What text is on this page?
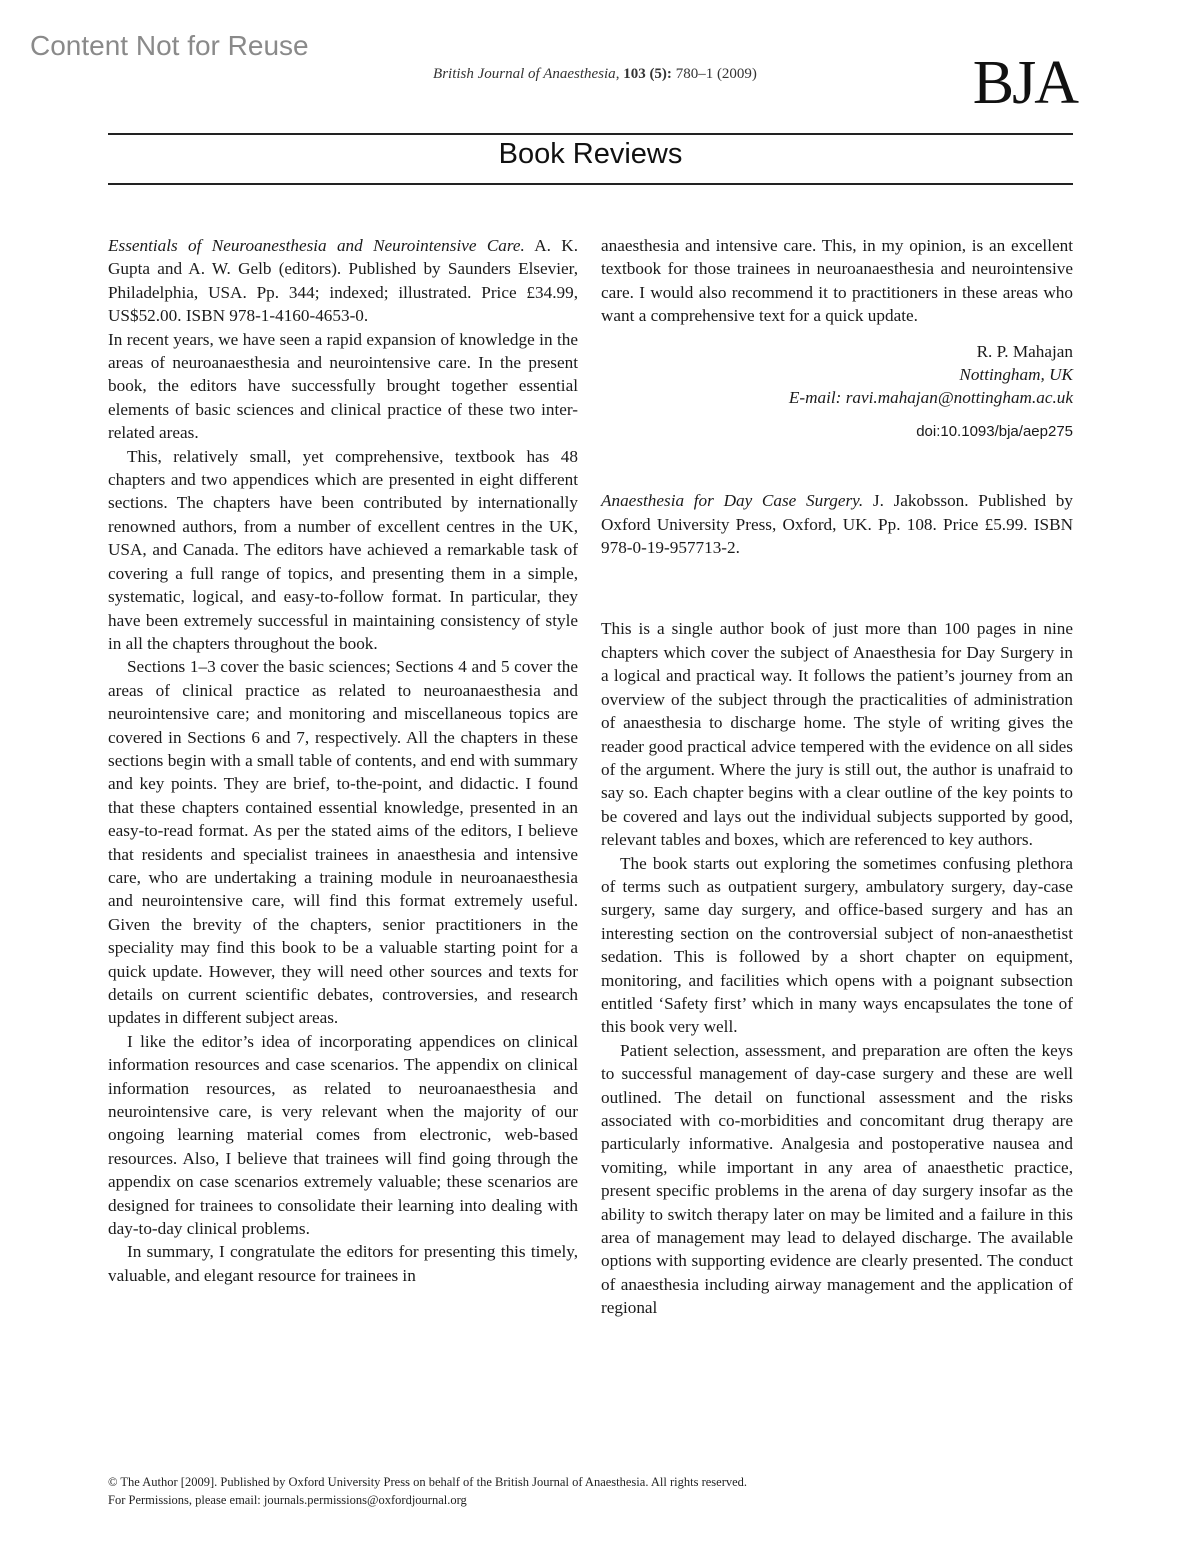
Content Not for Reuse
British Journal of Anaesthesia, 103 (5): 780–1 (2009)	BJA
Book Reviews

Essentials of Neuroanesthesia and Neurointensive Care. A. K. Gupta and A. W. Gelb (editors). Published by Saunders Elsevier, Philadelphia, USA. Pp. 344; indexed; illustrated. Price £34.99, US$52.00. ISBN 978-1-4160-4653-0.

In recent years, we have seen a rapid expansion of knowledge in the areas of neuroanaesthesia and neurointensive care. In the present book, the editors have successfully brought together essential elements of basic sciences and clinical practice of these two inter-related areas.

This, relatively small, yet comprehensive, textbook has 48 chapters and two appendices which are presented in eight different sections. The chapters have been contributed by internationally renowned authors, from a number of excellent centres in the UK, USA, and Canada. The editors have achieved a remarkable task of covering a full range of topics, and presenting them in a simple, systematic, logical, and easy-to-follow format. In particular, they have been extremely successful in maintaining consistency of style in all the chapters throughout the book.

Sections 1–3 cover the basic sciences; Sections 4 and 5 cover the areas of clinical practice as related to neuroanaesthesia and neurointensive care; and monitoring and miscellaneous topics are covered in Sections 6 and 7, respectively. All the chapters in these sections begin with a small table of contents, and end with summary and key points. They are brief, to-the-point, and didactic. I found that these chapters contained essential knowledge, presented in an easy-to-read format. As per the stated aims of the editors, I believe that residents and specialist trainees in anaesthesia and intensive care, who are undertaking a training module in neuroanaesthesia and neurointensive care, will find this format extremely useful. Given the brevity of the chapters, senior practitioners in the speciality may find this book to be a valuable starting point for a quick update. However, they will need other sources and texts for details on current scientific debates, controversies, and research updates in different subject areas.

I like the editor’s idea of incorporating appendices on clinical information resources and case scenarios. The appendix on clinical information resources, as related to neuroanaesthesia and neurointensive care, is very relevant when the majority of our ongoing learning material comes from electronic, web-based resources. Also, I believe that trainees will find going through the appendix on case scenarios extremely valuable; these scenarios are designed for trainees to consolidate their learning into dealing with day-to-day clinical problems.

In summary, I congratulate the editors for presenting this timely, valuable, and elegant resource for trainees in

anaesthesia and intensive care. This, in my opinion, is an excellent textbook for those trainees in neuroanaesthesia and neurointensive care. I would also recommend it to practitioners in these areas who want a comprehensive text for a quick update.

R. P. Mahajan
Nottingham, UK
E-mail: ravi.mahajan@nottingham.ac.uk
doi:10.1093/bja/aep275

Anaesthesia for Day Case Surgery. J. Jakobsson. Published by Oxford University Press, Oxford, UK. Pp. 108. Price £5.99. ISBN 978-0-19-957713-2.

This is a single author book of just more than 100 pages in nine chapters which cover the subject of Anaesthesia for Day Surgery in a logical and practical way. It follows the patient’s journey from an overview of the subject through the practicalities of administration of anaesthesia to discharge home. The style of writing gives the reader good practical advice tempered with the evidence on all sides of the argument. Where the jury is still out, the author is unafraid to say so. Each chapter begins with a clear outline of the key points to be covered and lays out the individual subjects supported by good, relevant tables and boxes, which are referenced to key authors.

The book starts out exploring the sometimes confusing plethora of terms such as outpatient surgery, ambulatory surgery, day-case surgery, same day surgery, and office-based surgery and has an interesting section on the controversial subject of non-anaesthetist sedation. This is followed by a short chapter on equipment, monitoring, and facilities which opens with a poignant subsection entitled ‘Safety first’ which in many ways encapsulates the tone of this book very well.

Patient selection, assessment, and preparation are often the keys to successful management of day-case surgery and these are well outlined. The detail on functional assessment and the risks associated with co-morbidities and concomitant drug therapy are particularly informative. Analgesia and postoperative nausea and vomiting, while important in any area of anaesthetic practice, present specific problems in the arena of day surgery insofar as the ability to switch therapy later on may be limited and a failure in this area of management may lead to delayed discharge. The available options with supporting evidence are clearly presented. The conduct of anaesthesia including airway management and the application of regional

© The Author [2009]. Published by Oxford University Press on behalf of the British Journal of Anaesthesia. All rights reserved.
For Permissions, please email: journals.permissions@oxfordjournal.org
